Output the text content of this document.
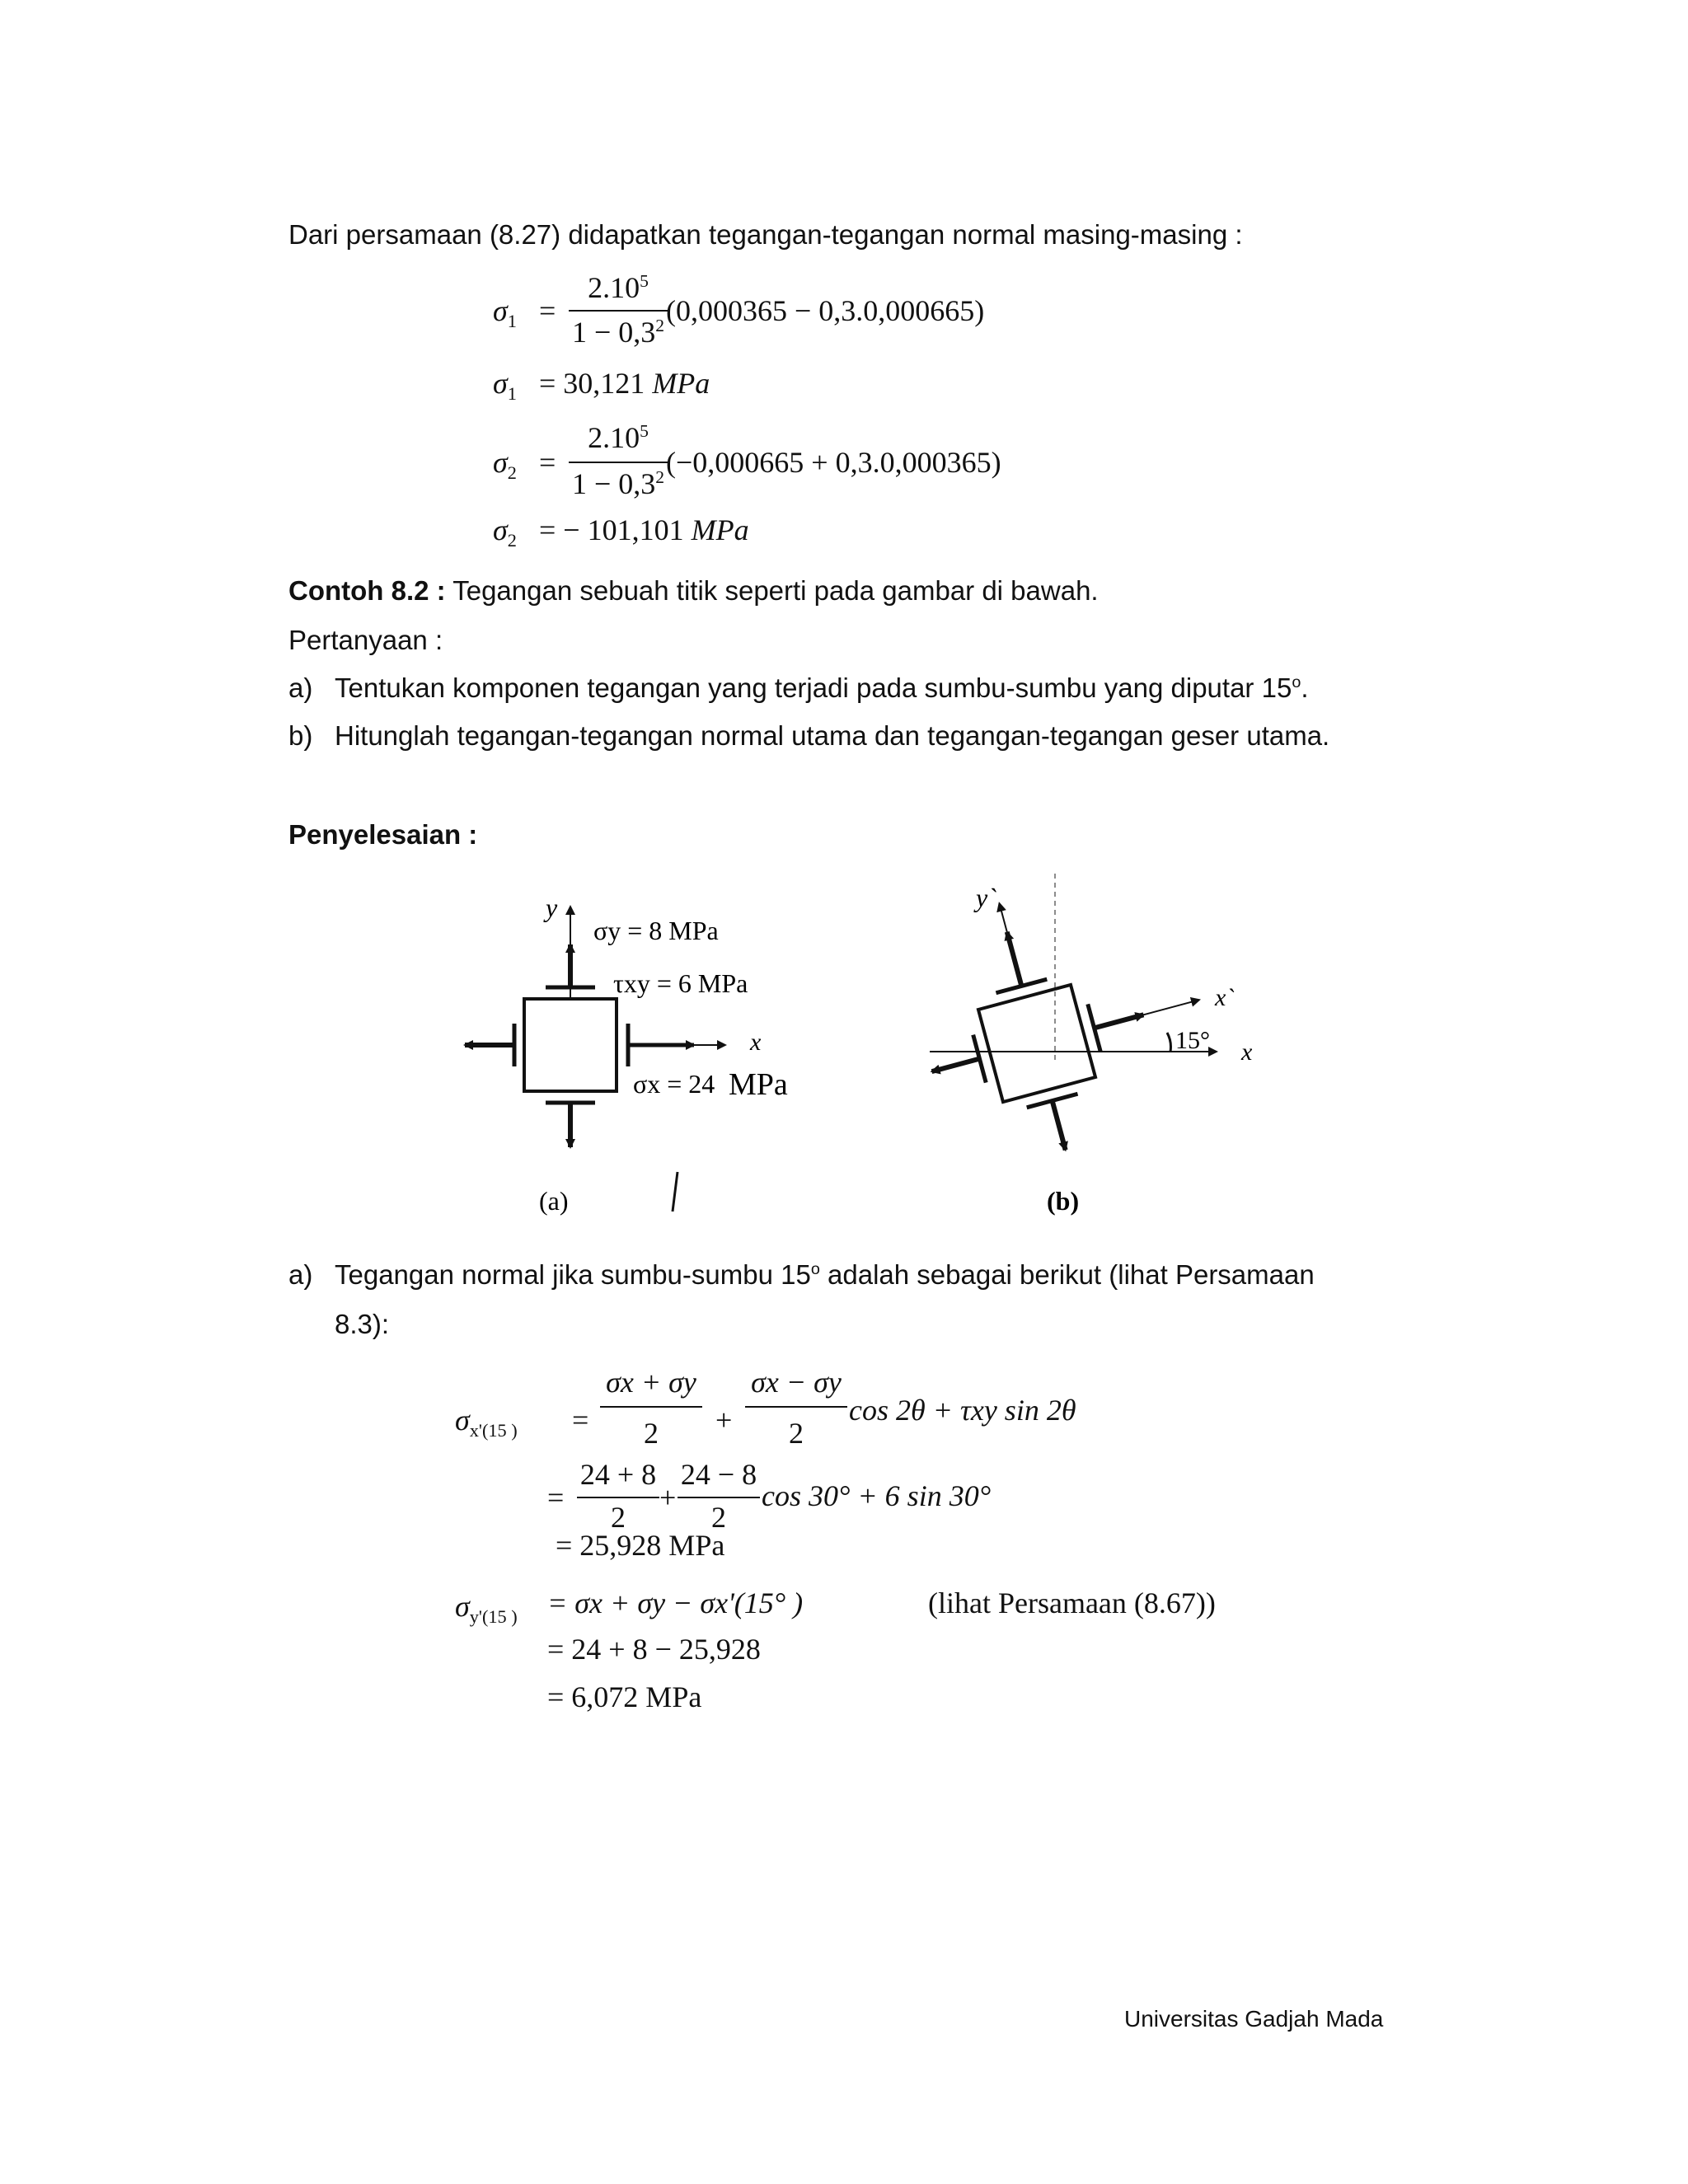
Dari persamaan (8.27) didapatkan tegangan-tegangan normal masing-masing :
$\sigma_1$ =
$2.10^5$
$1 - 0,3^2$ (0,000365 − 0,3.0,000665)
$\sigma_1 = 30,121$ MPa
$\sigma_2$ =
$2.10^5$
$1 - 0,3^2$ (−0,000665 + 0,3.0,000365)
$\sigma_2$ = − 101,101 MPa
Contoh 8.2 : Tegangan sebuah titik seperti pada gambar di bawah.
Pertanyaan :
a) Tentukan komponen tegangan yang terjadi pada sumbu-sumbu yang diputar 15$^o$.
b) Hitunglah tegangan-tegangan normal utama dan tegangan-tegangan geser utama.
Penyelesaian :
y
x
σy = 8 MPa
τxy = 6 MPa
σx = 24 MPa
(a)
x
y`
x`
15°
(b)
a) Tegangan normal jika sumbu-sumbu 15$^o$ adalah sebagai berikut (lihat Persamaan
8.3):
$\sigma_{x'(15 )}$ =
σx + σy
2	+
σx − σy
2
cos 2θ + τxy sin 2θ
=
24 + 8
2
+
24 − 8
2
cos 30° + 6 sin 30°
= 25,928 MPa
$\sigma_{y'(15 )} = \sigma x + \sigma y - \sigma x'(15^\circ$ )	(lihat Persamaan (8.67))
= 24 + 8 − 25,928
= 6,072 MPa
Universitas Gadjah Mada
